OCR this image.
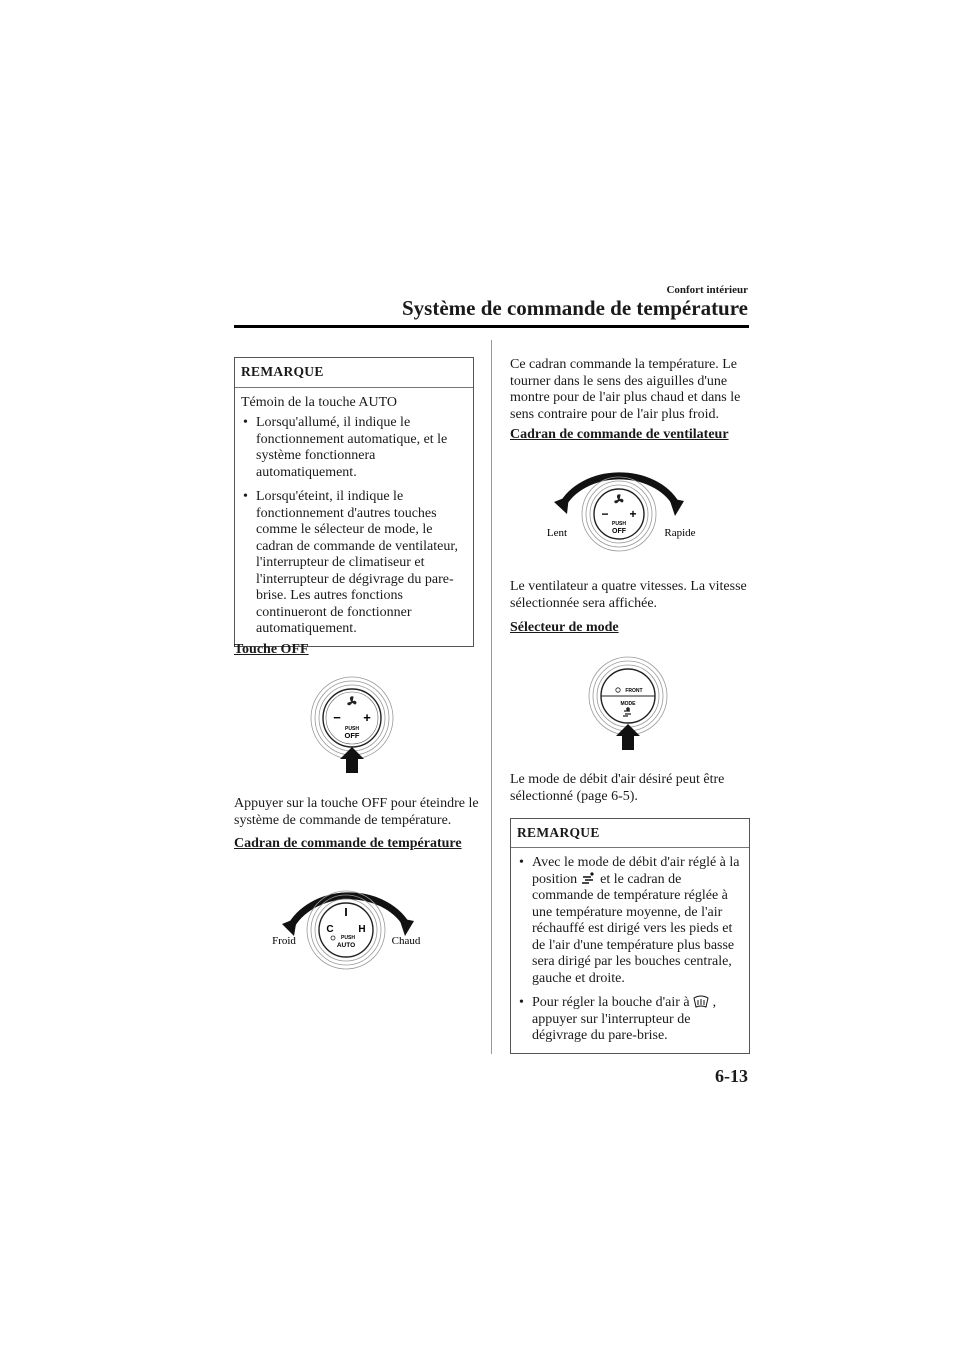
Confort intérieur
Système de commande de température
REMARQUE

Témoin de la touche AUTO

• Lorsqu'allumé, il indique le fonctionnement automatique, et le système fonctionnera automatiquement.
• Lorsqu'éteint, il indique le fonctionnement d'autres touches comme le sélecteur de mode, le cadran de commande de ventilateur, l'interrupteur de climatiseur et l'interrupteur de dégivrage du pare-brise. Les autres fonctions continueront de fonctionner automatiquement.
Touche OFF
− +
PUSH
OFF
Appuyer sur la touche OFF pour éteindre le système de commande de température.
Cadran de commande de température
C H
PUSH
AUTO
Froid	Chaud
Ce cadran commande la température. Le tourner dans le sens des aiguilles d'une montre pour de l'air plus chaud et dans le sens contraire pour de l'air plus froid.
Cadran de commande de ventilateur
− +
PUSH
OFF
Lent	Rapide
Le ventilateur a quatre vitesses. La vitesse sélectionnée sera affichée.
Sélecteur de mode
FRONT
MODE
Le mode de débit d'air désiré peut être sélectionné (page 6-5).
REMARQUE
• Avec le mode de débit d'air réglé à la position et le cadran de commande de température réglée à une température moyenne, de l'air réchauffé est dirigé vers les pieds et de l'air d'une température plus basse sera dirigé par les bouches centrale, gauche et droite.
• Pour régler la bouche d'air à , appuyer sur l'interrupteur de dégivrage du pare-brise.
6-13
